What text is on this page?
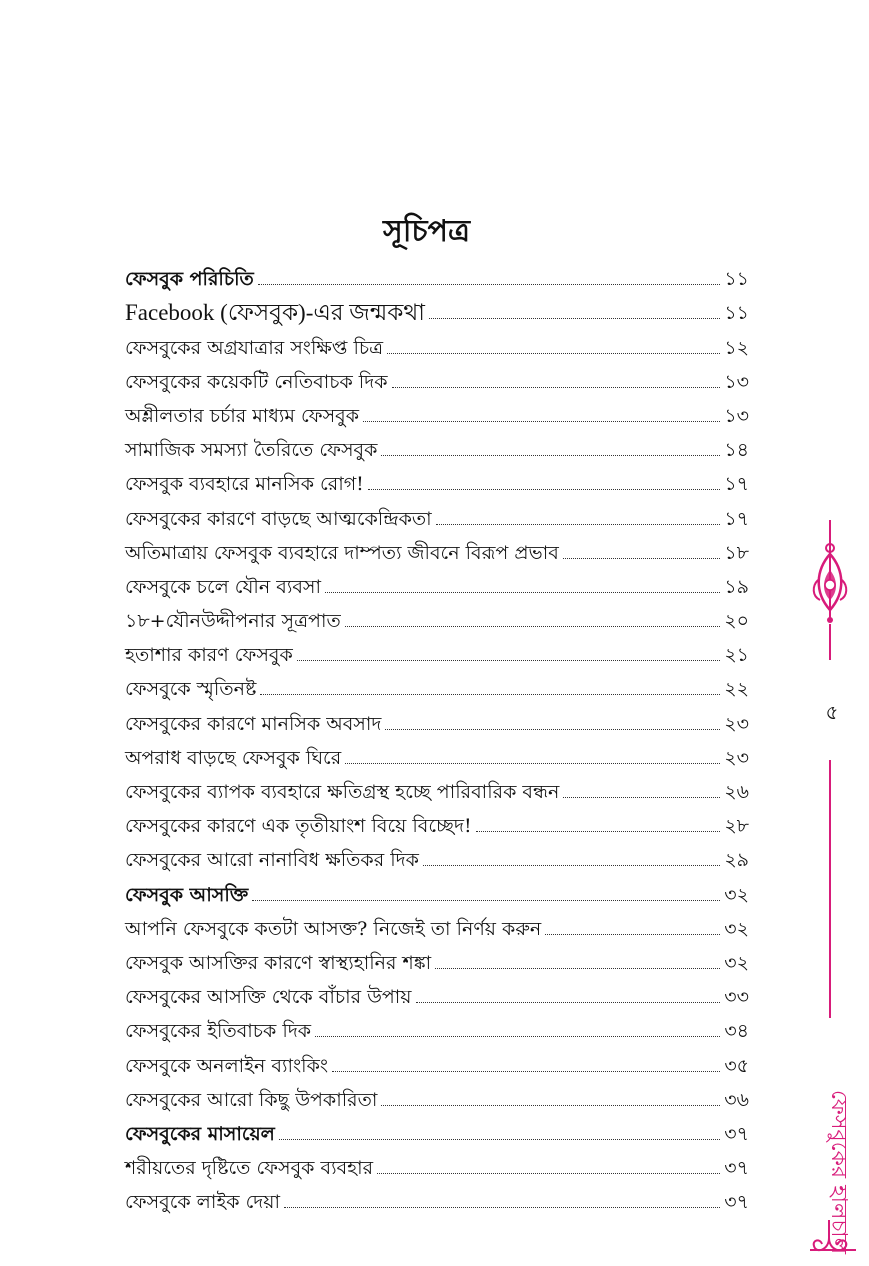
সূচিপত্র
ফেসবুক পরিচিতি	১১
Facebook (ফেসবুক)-এর জন্মকথা	১১
ফেসবুকের অগ্রযাত্রার সংক্ষিপ্ত চিত্র	১২
ফেসবুকের কয়েকটি নেতিবাচক দিক	১৩
অশ্লীলতার চর্চার মাধ্যম ফেসবুক	১৩
সামাজিক সমস্যা তৈরিতে ফেসবুক	১৪
ফেসবুক ব্যবহারে মানসিক রোগ!	১৭
ফেসবুকের কারণে বাড়ছে আত্মকেন্দ্রিকতা	১৭
অতিমাত্রায় ফেসবুক ব্যবহারে দাম্পত্য জীবনে বিরূপ প্রভাব	১৮
ফেসবুকে চলে যৌন ব্যবসা	১৯
১৮+যৌনউদ্দীপনার সূত্রপাত	২০
হতাশার কারণ ফেসবুক	২১
ফেসবুকে স্মৃতিনষ্ট	২২
ফেসবুকের কারণে মানসিক অবসাদ	২৩
অপরাধ বাড়ছে ফেসবুক ঘিরে	২৩
ফেসবুকের ব্যাপক ব্যবহারে ক্ষতিগ্রস্থ হচ্ছে পারিবারিক বন্ধন	২৬
ফেসবুকের কারণে এক তৃতীয়াংশ বিয়ে বিচ্ছেদ!	২৮
ফেসবুকের আরো নানাবিধ ক্ষতিকর দিক	২৯
ফেসবুক আসক্তি	৩২
আপনি ফেসবুকে কতটা আসক্ত? নিজেই তা নির্ণয় করুন	৩২
ফেসবুক আসক্তির কারণে স্বাস্থ্যহানির শঙ্কা	৩২
ফেসবুকের আসক্তি থেকে বাঁচার উপায়	৩৩
ফেসবুকের ইতিবাচক দিক	৩৪
ফেসবুকে অনলাইন ব্যাংকিং	৩৫
ফেসবুকের আরো কিছু উপকারিতা	৩৬
ফেসবুকের মাসায়েল	৩৭
শরীয়তের দৃষ্টিতে ফেসবুক ব্যবহার	৩৭
ফেসবুকে লাইক দেয়া	৩৭
৫
ফেসবুকের হালচাল
